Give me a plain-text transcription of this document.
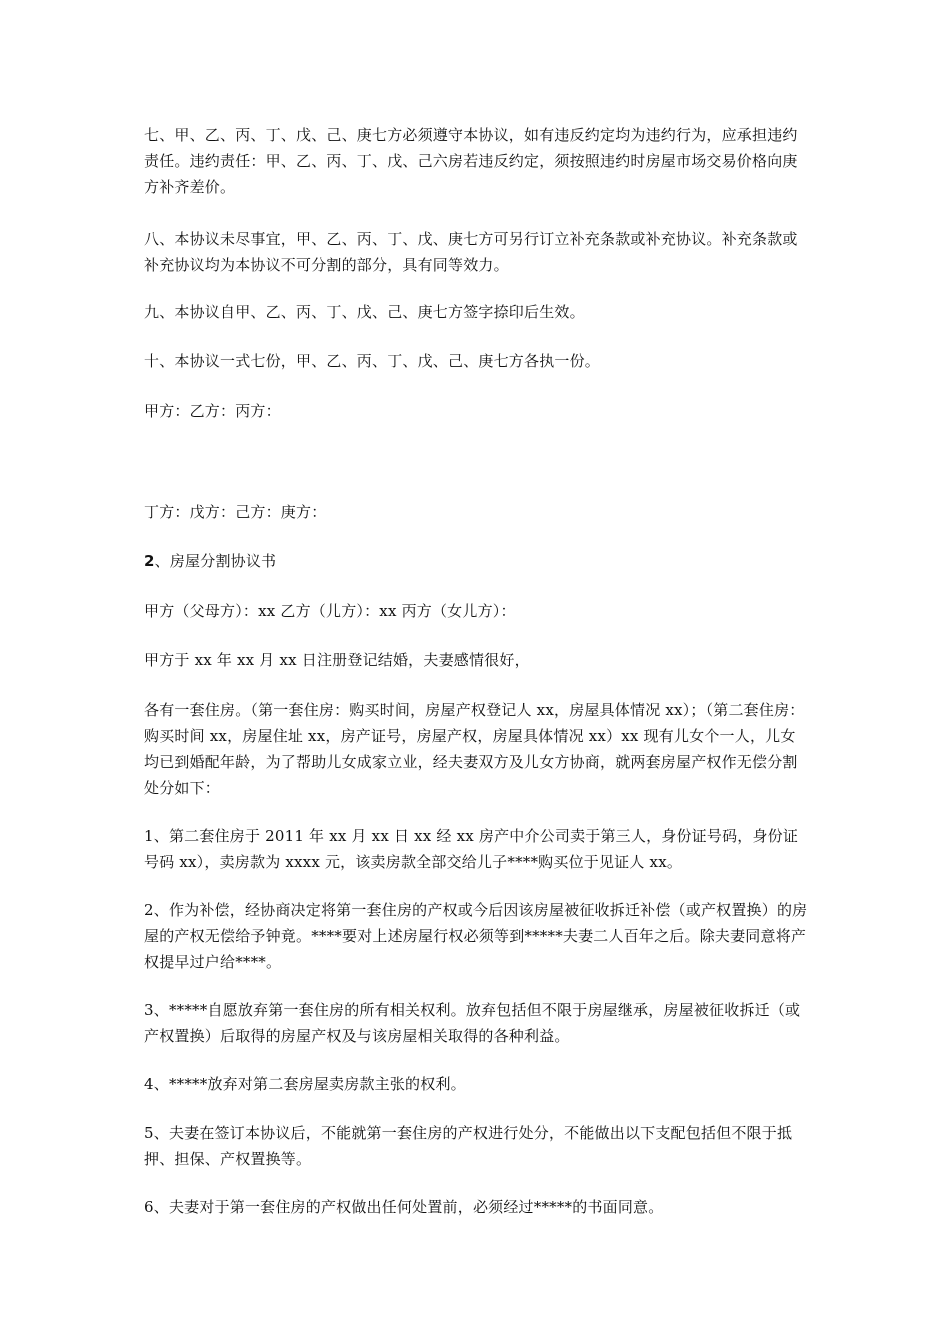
七、甲、乙、丙、丁、戊、己、庚七方必须遵守本协议，如有违反约定均为违约行为，应承担违约责任。违约责任：甲、乙、丙、丁、戊、己六房若违反约定，须按照违约时房屋市场交易价格向庚方补齐差价。

八、本协议未尽事宜，甲、乙、丙、丁、戊、庚七方可另行订立补充条款或补充协议。补充条款或补充协议均为本协议不可分割的部分，具有同等效力。

九、本协议自甲、乙、丙、丁、戊、己、庚七方签字捺印后生效。

十、本协议一式七份，甲、乙、丙、丁、戊、己、庚七方各执一份。

甲方：乙方：丙方：

丁方：戊方：己方：庚方：

2、房屋分割协议书

甲方（父母方）：xx 乙方（儿方）：xx 丙方（女儿方）：

甲方于 xx 年 xx 月 xx 日注册登记结婚，夫妻感情很好，

各有一套住房。（第一套住房：购买时间，房屋产权登记人 xx，房屋具体情况 xx）；（第二套住房：购买时间 xx，房屋住址 xx，房产证号，房屋产权，房屋具体情况 xx）xx 现有儿女个一人，儿女均已到婚配年龄，为了帮助儿女成家立业，经夫妻双方及儿女方协商，就两套房屋产权作无偿分割处分如下：

1、第二套住房于 2011 年 xx 月 xx 日 xx 经 xx 房产中介公司卖于第三人，身份证号码，身份证号码 xx），卖房款为 xxxx 元，该卖房款全部交给儿子****购买位于见证人 xx。

2、作为补偿，经协商决定将第一套住房的产权或今后因该房屋被征收拆迁补偿（或产权置换）的房屋的产权无偿给予钟竟。****要对上述房屋行权必须等到*****夫妻二人百年之后。除夫妻同意将产权提早过户给****。

3、*****自愿放弃第一套住房的所有相关权利。放弃包括但不限于房屋继承，房屋被征收拆迁（或产权置换）后取得的房屋产权及与该房屋相关取得的各种利益。

4、*****放弃对第二套房屋卖房款主张的权利。

5、夫妻在签订本协议后，不能就第一套住房的产权进行处分，不能做出以下支配包括但不限于抵押、担保、产权置换等。

6、夫妻对于第一套住房的产权做出任何处置前，必须经过*****的书面同意。
